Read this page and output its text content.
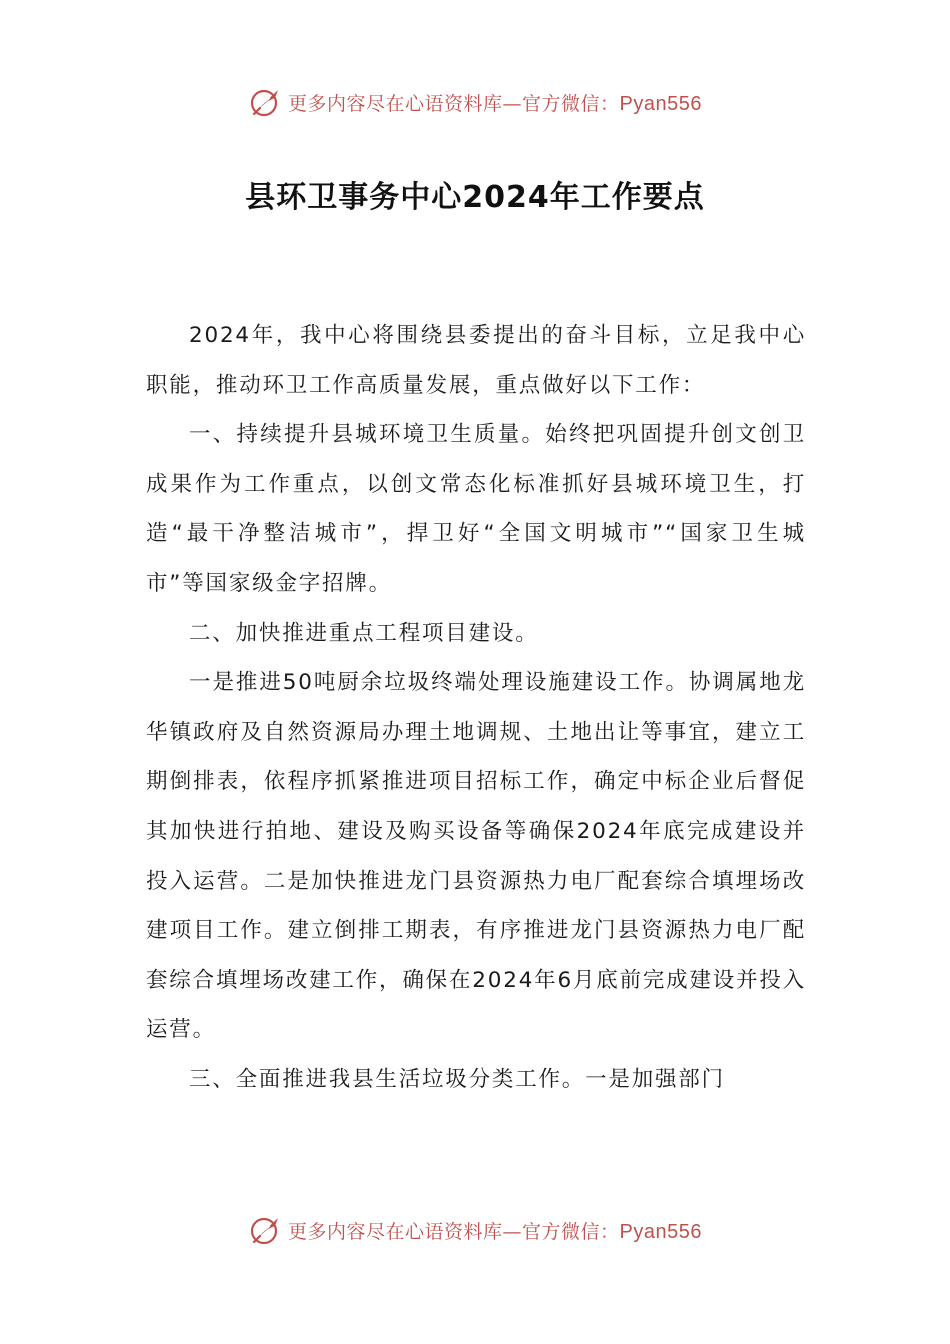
更多内容尽在心语资料库—官方微信：Pyan556
县环卫事务中心2024年工作要点

2024年，我中心将围绕县委提出的奋斗目标，立足我中心职能，推动环卫工作高质量发展，重点做好以下工作：

一、持续提升县城环境卫生质量。始终把巩固提升创文创卫成果作为工作重点，以创文常态化标准抓好县城环境卫生，打造“最干净整洁城市”，捍卫好“全国文明城市”“国家卫生城市”等国家级金字招牌。

二、加快推进重点工程项目建设。

一是推进50吨厨余垃圾终端处理设施建设工作。协调属地龙华镇政府及自然资源局办理土地调规、土地出让等事宜，建立工期倒排表，依程序抓紧推进项目招标工作，确定中标企业后督促其加快进行拍地、建设及购买设备等确保2024年底完成建设并投入运营。二是加快推进龙门县资源热力电厂配套综合填埋场改建项目工作。建立倒排工期表，有序推进龙门县资源热力电厂配套综合填埋场改建工作，确保在2024年6月底前完成建设并投入运营。

三、全面推进我县生活垃圾分类工作。一是加强部门

更多内容尽在心语资料库—官方微信：Pyan556
